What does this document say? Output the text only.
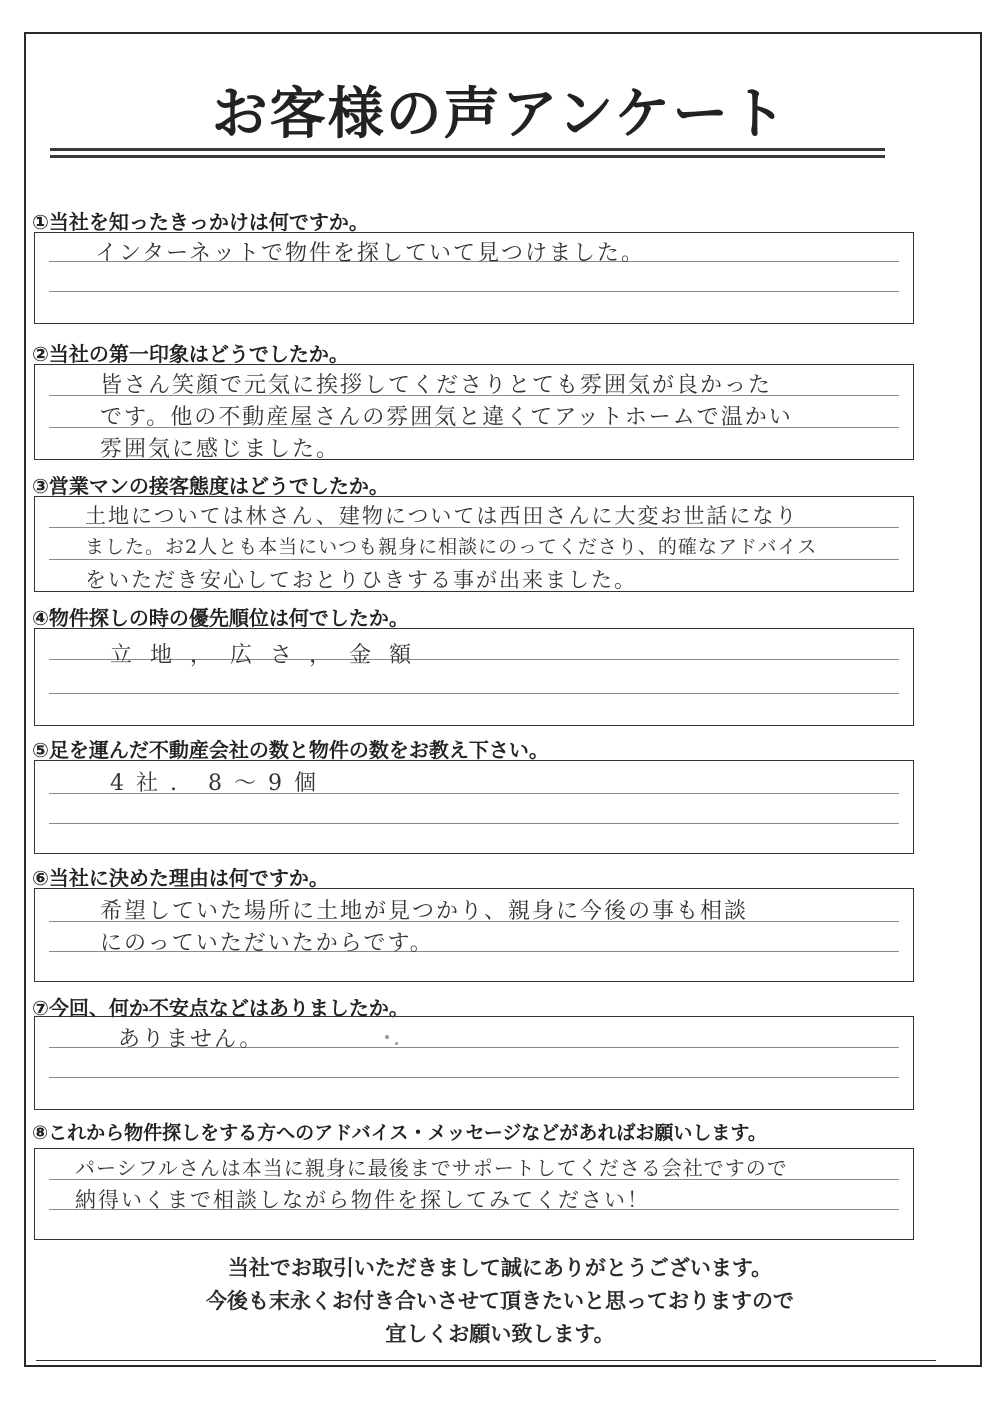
お客様の声アンケート
①当社を知ったきっかけは何ですか。
インターネットで物件を探していて見つけました。
②当社の第一印象はどうでしたか。
皆さん笑顔で元気に挨拶してくださりとても雰囲気が良かった
です。他の不動産屋さんの雰囲気と違くてアットホームで温かい
雰囲気に感じました。
③営業マンの接客態度はどうでしたか。
土地については林さん、建物については西田さんに大変お世話になり
ました。お2人とも本当にいつも親身に相談にのってくださり、的確なアドバイス
をいただき安心しておとりひきする事が出来ました。
④物件探しの時の優先順位は何でしたか。
立地，広さ，金額
⑤足を運んだ不動産会社の数と物件の数をお教え下さい。
4社. 8〜9個
⑥当社に決めた理由は何ですか。
希望していた場所に土地が見つかり、親身に今後の事も相談
にのっていただいたからです。
⑦今回、何か不安点などはありましたか。
ありません。
⑧これから物件探しをする方へのアドバイス・メッセージなどがあればお願いします。
パーシフルさんは本当に親身に最後までサポートしてくださる会社ですので
納得いくまで相談しながら物件を探してみてください！
当社でお取引いただきまして誠にありがとうございます。
今後も末永くお付き合いさせて頂きたいと思っておりますので
宜しくお願い致します。
